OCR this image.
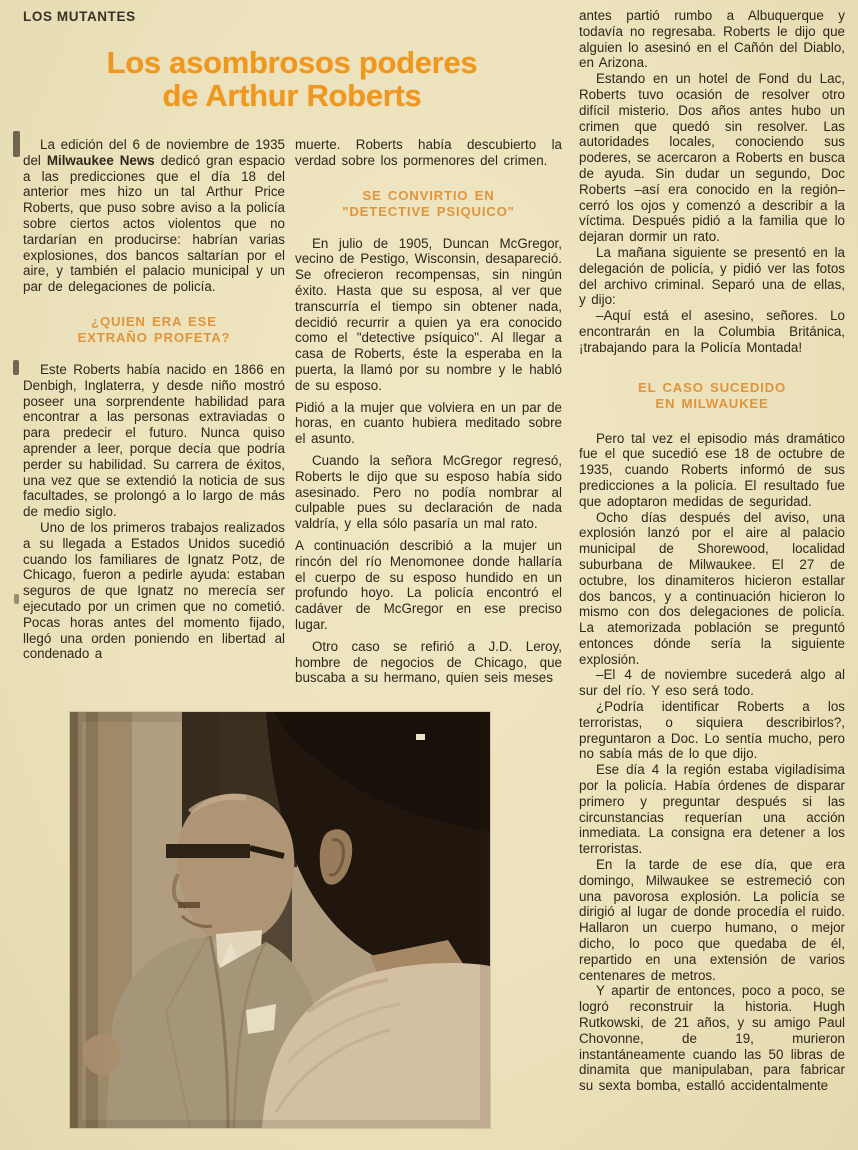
LOS MUTANTES
Los asombrosos poderes
de Arthur Roberts

La edición del 6 de noviembre de 1935 del Milwaukee News dedicó gran espacio a las predicciones que el día 18 del anterior mes hizo un tal Arthur Price Roberts, que puso sobre aviso a la policía sobre ciertos actos violentos que no tardarían en producirse: habrían varias explosiones, dos bancos saltarían por el aire, y también el palacio municipal y un par de delegaciones de policía.

¿QUIEN ERA ESE
EXTRAÑO PROFETA?

Este Roberts había nacido en 1866 en Denbigh, Inglaterra, y desde niño mostró poseer una sorprendente habilidad para encontrar a las personas extraviadas o para predecir el futuro. Nunca quiso aprender a leer, porque decía que podría perder su habilidad. Su carrera de éxitos, una vez que se extendió la noticia de sus facultades, se prolongó a lo largo de más de medio siglo.

Uno de los primeros trabajos realizados a su llegada a Estados Unidos sucedió cuando los familiares de Ignatz Potz, de Chicago, fueron a pedirle ayuda: estaban seguros de que Ignatz no merecía ser ejecutado por un crimen que no cometió. Pocas horas antes del momento fijado, llegó una orden poniendo en libertad al condenado a

muerte. Roberts había descubierto la verdad sobre los pormenores del crimen.

SE CONVIRTIO EN
"DETECTIVE PSIQUICO"

En julio de 1905, Duncan McGregor, vecino de Pestigo, Wisconsin, desapareció. Se ofrecieron recompensas, sin ningún éxito. Hasta que su esposa, al ver que transcurría el tiempo sin obtener nada, decidió recurrir a quien ya era conocido como el "detective psíquico". Al llegar a casa de Roberts, éste la esperaba en la puerta, la llamó por su nombre y le habló de su esposo.

Pidió a la mujer que volviera en un par de horas, en cuanto hubiera meditado sobre el asunto.

Cuando la señora McGregor regresó, Roberts le dijo que su esposo había sido asesinado. Pero no podía nombrar al culpable pues su declaración de nada valdría, y ella sólo pasaría un mal rato.

A continuación describió a la mujer un rincón del río Menomonee donde hallaría el cuerpo de su esposo hundido en un profundo hoyo. La policía encontró el cadáver de McGregor en ese preciso lugar.

Otro caso se refirió a J.D. Leroy, hombre de negocios de Chicago, que buscaba a su hermano, quien seis meses

antes partió rumbo a Albuquerque y todavía no regresaba. Roberts le dijo que alguien lo asesinó en el Cañón del Diablo, en Arizona.

Estando en un hotel de Fond du Lac, Roberts tuvo ocasión de resolver otro difícil misterio. Dos años antes hubo un crimen que quedó sin resolver. Las autoridades locales, conociendo sus poderes, se acercaron a Roberts en busca de ayuda. Sin dudar un segundo, Doc Roberts –así era conocido en la región– cerró los ojos y comenzó a describir a la víctima. Después pidió a la familia que lo dejaran dormir un rato.

La mañana siguiente se presentó en la delegación de policía, y pidió ver las fotos del archivo criminal. Separó una de ellas, y dijo:

–Aquí está el asesino, señores. Lo encontrarán en la Columbia Británica, ¡trabajando para la Policía Montada!

EL CASO SUCEDIDO
EN MILWAUKEE

Pero tal vez el episodio más dramático fue el que sucedió ese 18 de octubre de 1935, cuando Roberts informó de sus predicciones a la policía. El resultado fue que adoptaron medidas de seguridad.

Ocho días después del aviso, una explosión lanzó por el aire al palacio municipal de Shorewood, localidad suburbana de Milwaukee. El 27 de octubre, los dinamiteros hicieron estallar dos bancos, y a continuación hicieron lo mismo con dos delegaciones de policía. La atemorizada población se preguntó entonces dónde sería la siguiente explosión.

–El 4 de noviembre sucederá algo al sur del río. Y eso será todo.

¿Podría identificar Roberts a los terroristas, o siquiera describirlos?, preguntaron a Doc. Lo sentía mucho, pero no sabía más de lo que dijo.

Ese día 4 la región estaba vigiladísima por la policía. Había órdenes de disparar primero y preguntar después si las circunstancias requerían una acción inmediata. La consigna era detener a los terroristas.

En la tarde de ese día, que era domingo, Milwaukee se estremeció con una pavorosa explosión. La policía se dirigió al lugar de donde procedía el ruido. Hallaron un cuerpo humano, o mejor dicho, lo poco que quedaba de él, repartido en una extensión de varios centenares de metros.

Y apartir de entonces, poco a poco, se logró reconstruir la historia. Hugh Rutkowski, de 21 años, y su amigo Paul Chovonne, de 19, murieron instantáneamente cuando las 50 libras de dinamita que manipulaban, para fabricar su sexta bomba, estalló accidentalmente
